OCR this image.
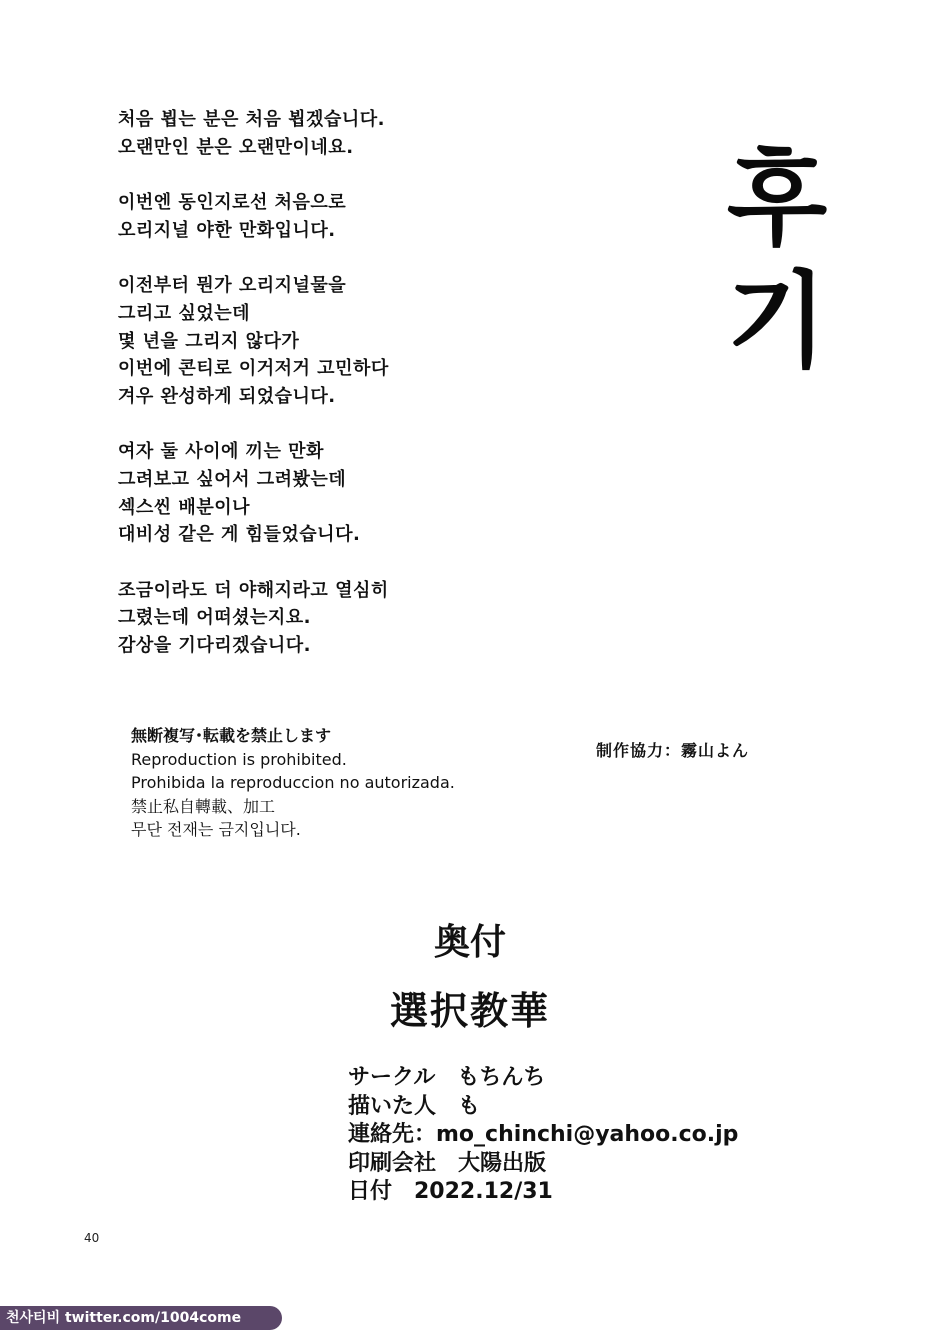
처음 뵙는 분은 처음 뵙겠습니다.
오랜만인 분은 오랜만이네요.
이번엔 동인지로선 처음으로
오리지널 야한 만화입니다.
이전부터 뭔가 오리지널물을
그리고 싶었는데
몇 년을 그리지 않다가
이번에 콘티로 이거저거 고민하다
겨우 완성하게 되었습니다.
여자 둘 사이에 끼는 만화
그려보고 싶어서 그려봤는데
섹스씬 배분이나
대비성 같은 게 힘들었습니다.
조금이라도 더 야해지라고 열심히
그렸는데 어떠셨는지요.
감상을 기다리겠습니다.
후
기
無断複写･転載を禁止します
Reproduction is prohibited.
Prohibida la reproduccion no autorizada.
禁止私自轉載、加工
무단 전재는 금지입니다.
制作協力：霧山よん
奥付
選択教華
サークル　もちんち
描いた人　も
連絡先：mo_chinchi@yahoo.co.jp
印刷会社　大陽出版
日付　2022.12/31
40
천사티비 twitter.com/1004come
